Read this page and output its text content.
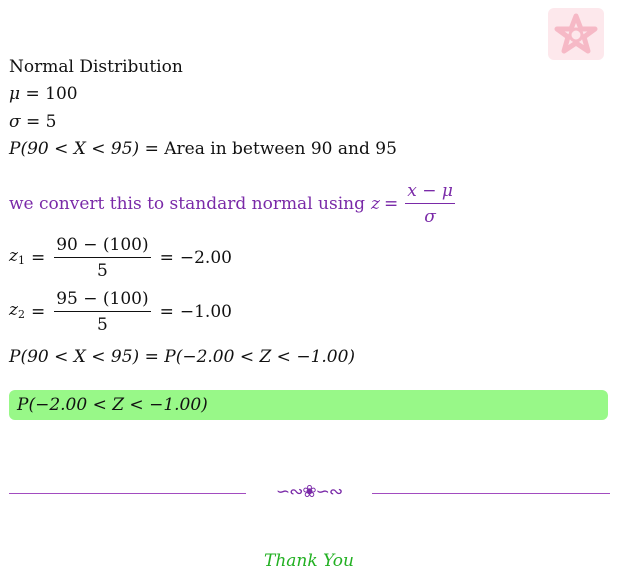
Normal Distribution
μ = 100
σ = 5
P(90 < X < 95) = Area in between 90 and 95
we convert this to standard normal using $z = \frac{x - \mu}{\sigma}$
$z_1 = \frac{90 - (100)}{5} = -2.00$
$z_2 = \frac{95 - (100)}{5} = -1.00$
P(90 < X < 95) = P(−2.00 < Z < −1.00)
P(−2.00 < Z < −1.00)
∽∾❀∽∾
Thank You
